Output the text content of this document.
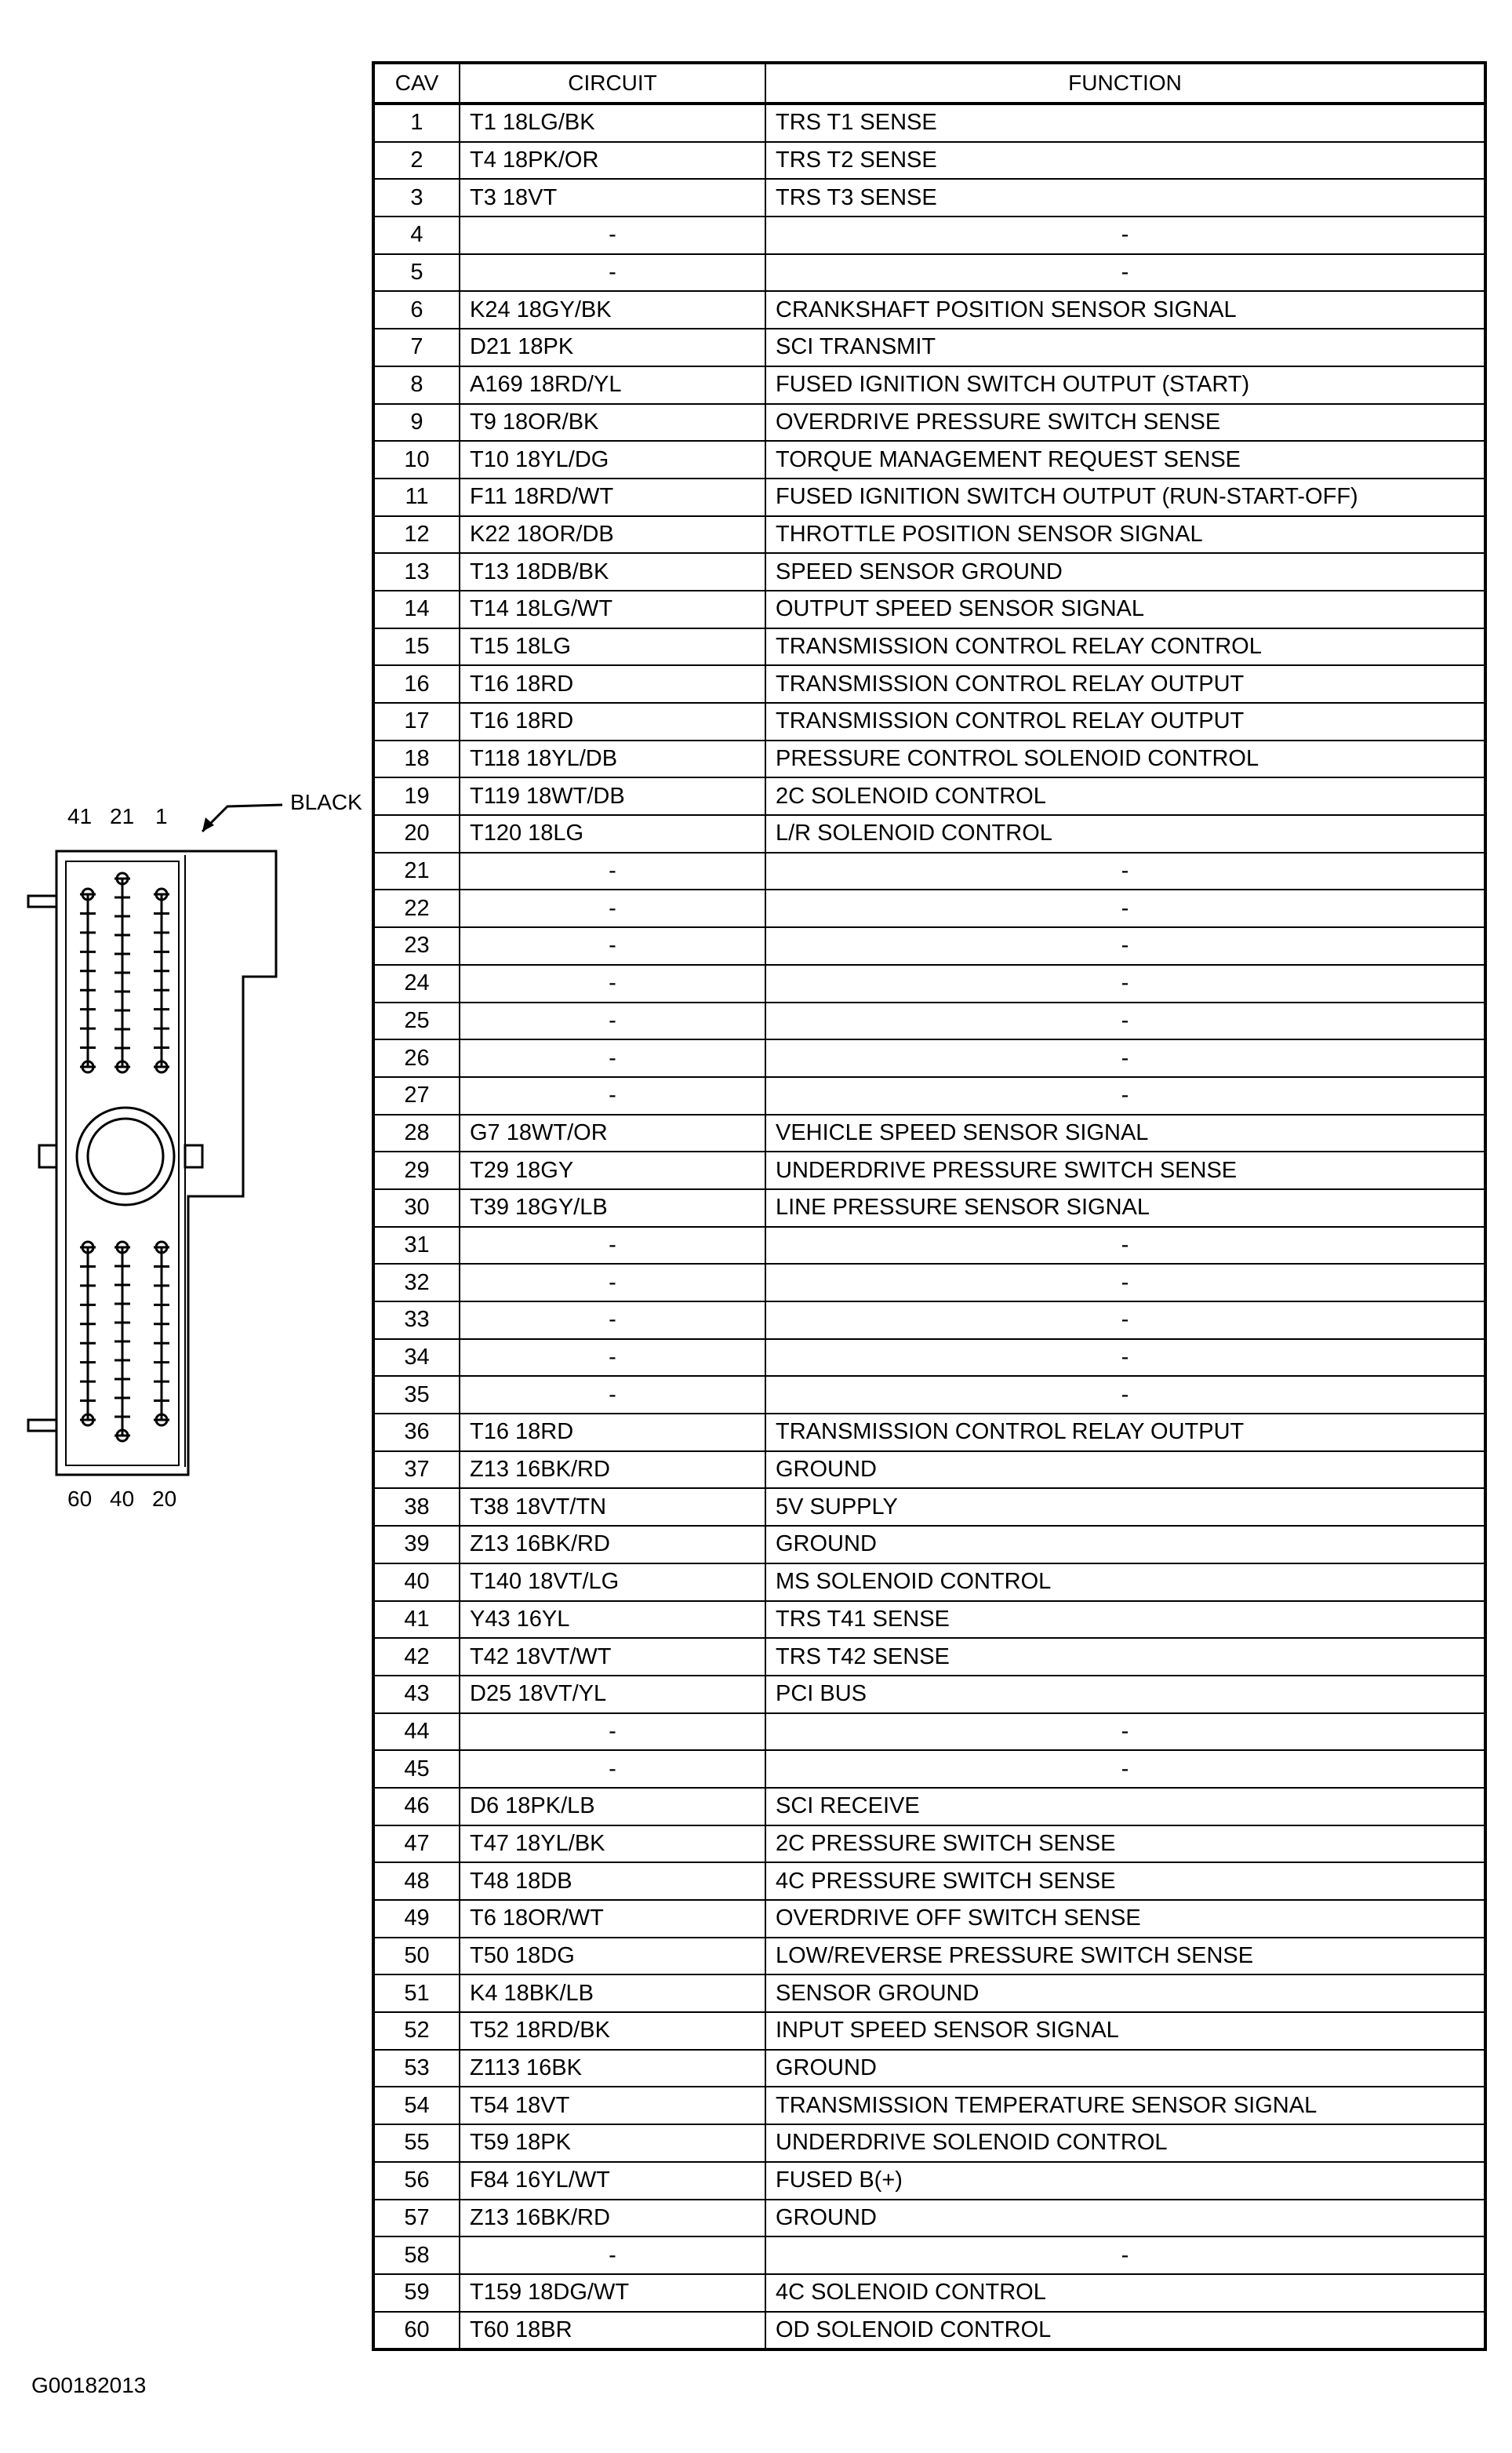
CAV	CIRCUIT	FUNCTION
1	T1 18LG/BK	TRS T1 SENSE
2	T4 18PK/OR	TRS T2 SENSE
3	T3 18VT	TRS T3 SENSE
4	-	-
5	-	-
6	K24 18GY/BK	CRANKSHAFT POSITION SENSOR SIGNAL
7	D21 18PK	SCI TRANSMIT
8	A169 18RD/YL	FUSED IGNITION SWITCH OUTPUT (START)
9	T9 18OR/BK	OVERDRIVE PRESSURE SWITCH SENSE
10	T10 18YL/DG	TORQUE MANAGEMENT REQUEST SENSE
11	F11 18RD/WT	FUSED IGNITION SWITCH OUTPUT (RUN-START-OFF)
12	K22 18OR/DB	THROTTLE POSITION SENSOR SIGNAL
13	T13 18DB/BK	SPEED SENSOR GROUND
14	T14 18LG/WT	OUTPUT SPEED SENSOR SIGNAL
15	T15 18LG	TRANSMISSION CONTROL RELAY CONTROL
16	T16 18RD	TRANSMISSION CONTROL RELAY OUTPUT
17	T16 18RD	TRANSMISSION CONTROL RELAY OUTPUT
18	T118 18YL/DB	PRESSURE CONTROL SOLENOID CONTROL
19	T119 18WT/DB	2C SOLENOID CONTROL
20	T120 18LG	L/R SOLENOID CONTROL
21	-	-
22	-	-
23	-	-
24	-	-
25	-	-
26	-	-
27	-	-
28	G7 18WT/OR	VEHICLE SPEED SENSOR SIGNAL
29	T29 18GY	UNDERDRIVE PRESSURE SWITCH SENSE
30	T39 18GY/LB	LINE PRESSURE SENSOR SIGNAL
31	-	-
32	-	-
33	-	-
34	-	-
35	-	-
36	T16 18RD	TRANSMISSION CONTROL RELAY OUTPUT
37	Z13 16BK/RD	GROUND
38	T38 18VT/TN	5V SUPPLY
39	Z13 16BK/RD	GROUND
40	T140 18VT/LG	MS SOLENOID CONTROL
41	Y43 16YL	TRS T41 SENSE
42	T42 18VT/WT	TRS T42 SENSE
43	D25 18VT/YL	PCI BUS
44	-	-
45	-	-
46	D6 18PK/LB	SCI RECEIVE
47	T47 18YL/BK	2C PRESSURE SWITCH SENSE
48	T48 18DB	4C PRESSURE SWITCH SENSE
49	T6 18OR/WT	OVERDRIVE OFF SWITCH SENSE
50	T50 18DG	LOW/REVERSE PRESSURE SWITCH SENSE
51	K4 18BK/LB	SENSOR GROUND
52	T52 18RD/BK	INPUT SPEED SENSOR SIGNAL
53	Z113 16BK	GROUND
54	T54 18VT	TRANSMISSION TEMPERATURE SENSOR SIGNAL
55	T59 18PK	UNDERDRIVE SOLENOID CONTROL
56	F84 16YL/WT	FUSED B(+)
57	Z13 16BK/RD	GROUND
58	-	-
59	T159 18DG/WT	4C SOLENOID CONTROL
60	T60 18BR	OD SOLENOID CONTROL
41 21 1
BLACK
60 40 20
G00182013
